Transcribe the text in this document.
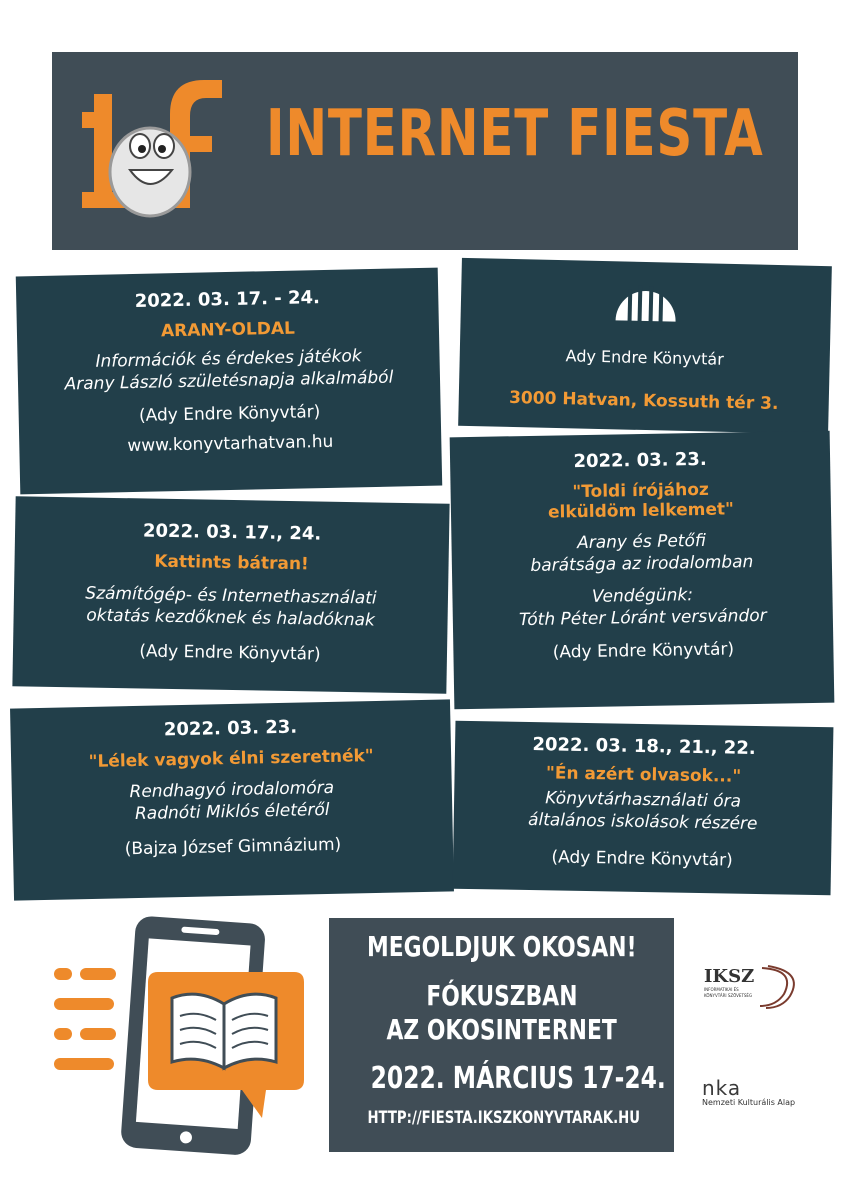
if
INTERNET FIESTA

2022. 03. 17. - 24.

ARANY-OLDAL

Információk és érdekes játékok

Arany László születésnapja alkalmából

(Ady Endre Könyvtár)

www.konyvtarhatvan.hu

Ady Endre Könyvtár

3000 Hatvan, Kossuth tér 3.

2022. 03. 17., 24.

Kattints bátran!

Számítógép- és Internethasználati

oktatás kezdőknek és haladóknak

(Ady Endre Könyvtár)

2022. 03. 23.

"Toldi írójához

elküldöm lelkemet"

Arany és Petőfi

barátsága az irodalomban

Vendégünk:

Tóth Péter Lóránt versvándor

(Ady Endre Könyvtár)

2022. 03. 23.

"Lélek vagyok élni szeretnék"

Rendhagyó irodalomóra

Radnóti Miklós életéről

(Bajza József Gimnázium)

2022. 03. 18., 21., 22.

"Én azért olvasok..."

Könyvtárhasználati óra

általános iskolások részére

(Ady Endre Könyvtár)

MEGOLDJUK OKOSAN!
FÓKUSZBAN
AZ OKOSINTERNET
2022. MÁRCIUS 17-24.
HTTP://FIESTA.IKSZKONYVTARAK.HU
IKSZ
INFORMATIKAI ÉS
KÖNYVTÁRI SZÖVETSÉG
nka
Nemzeti Kulturális Alap
